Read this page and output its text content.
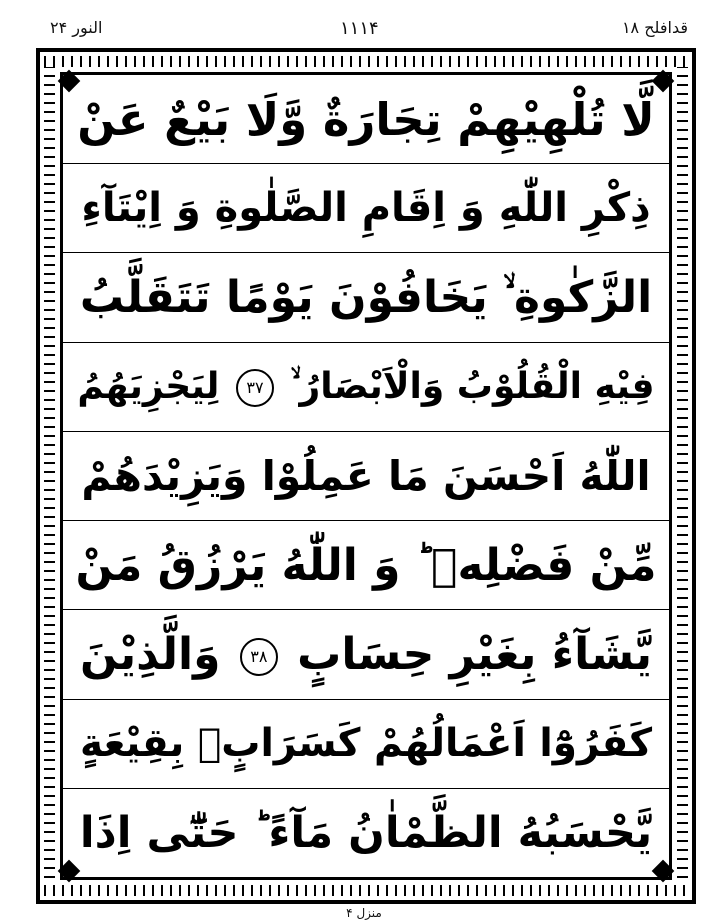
النور ۲۴	۱۱۱۴	قدافلح ۱۸
لَّا تُلْهِيْهِمْ تِجَارَةٌ وَّلَا بَيْعٌ عَنْ
ذِكْرِ اللّٰهِ وَ اِقَامِ الصَّلٰوةِ وَ اِيْتَآءِ
الزَّكٰوةِ ۙ يَخَافُوْنَ يَوْمًا تَتَقَلَّبُ
فِيْهِ الْقُلُوْبُ وَالْاَبْصَارُ ۙ ۳۷ لِيَجْزِيَهُمُ
اللّٰهُ اَحْسَنَ مَا عَمِلُوْا وَيَزِيْدَهُمْ
مِّنْ فَضْلِهٖ ؕ وَ اللّٰهُ يَرْزُقُ مَنْ
يَّشَآءُ بِغَيْرِ حِسَابٍ ۳۸ وَالَّذِيْنَ
كَفَرُوْٓا اَعْمَالُهُمْ كَسَرَابٍۭ بِقِيْعَةٍ
يَّحْسَبُهُ الظَّمْاٰنُ مَآءً ؕ حَتّٰٓى اِذَا
منزل ۴
